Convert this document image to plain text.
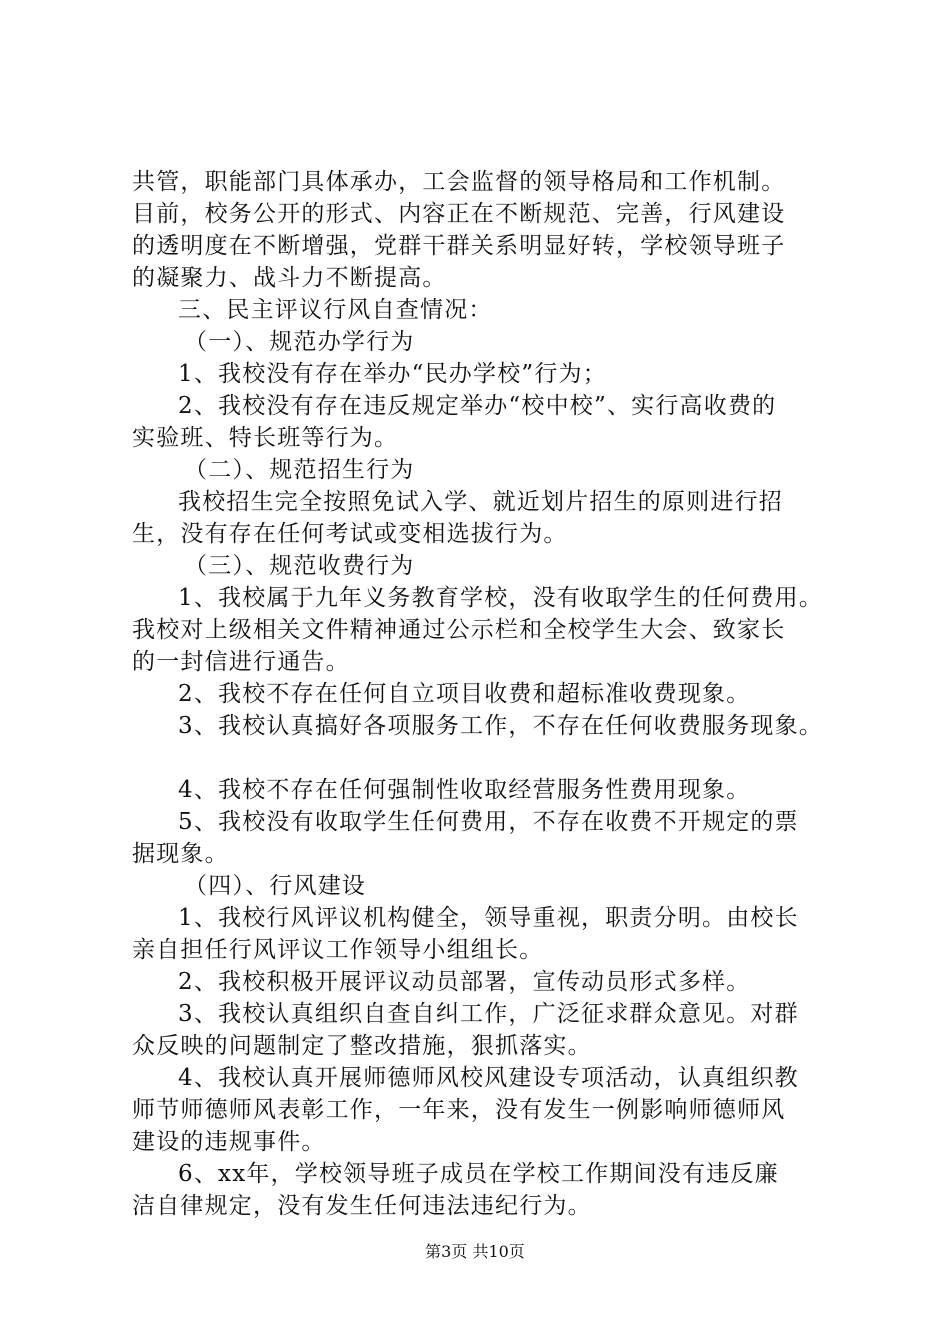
共管，职能部门具体承办，工会监督的领导格局和工作机制。
目前，校务公开的形式、内容正在不断规范、完善，行风建设
的透明度在不断增强，党群干群关系明显好转，学校领导班子
的凝聚力、战斗力不断提高。
三、民主评议行风自查情况：
（一）、规范办学行为
1、我校没有存在举办“民办学校”行为；
2、我校没有存在违反规定举办“校中校”、实行高收费的
实验班、特长班等行为。
（二）、规范招生行为
我校招生完全按照免试入学、就近划片招生的原则进行招
生，没有存在任何考试或变相选拔行为。
（三）、规范收费行为
1、我校属于九年义务教育学校，没有收取学生的任何费用。
我校对上级相关文件精神通过公示栏和全校学生大会、致家长
的一封信进行通告。
2、我校不存在任何自立项目收费和超标准收费现象。
3、我校认真搞好各项服务工作，不存在任何收费服务现象。
4、我校不存在任何强制性收取经营服务性费用现象。
5、我校没有收取学生任何费用，不存在收费不开规定的票
据现象。
（四）、行风建设
1、我校行风评议机构健全，领导重视，职责分明。由校长
亲自担任行风评议工作领导小组组长。
2、我校积极开展评议动员部署，宣传动员形式多样。
3、我校认真组织自查自纠工作，广泛征求群众意见。对群
众反映的问题制定了整改措施，狠抓落实。
4、我校认真开展师德师风校风建设专项活动，认真组织教
师节师德师风表彰工作，一年来，没有发生一例影响师德师风
建设的违规事件。
6、xx年，学校领导班子成员在学校工作期间没有违反廉
洁自律规定，没有发生任何违法违纪行为。
第3页 共10页
